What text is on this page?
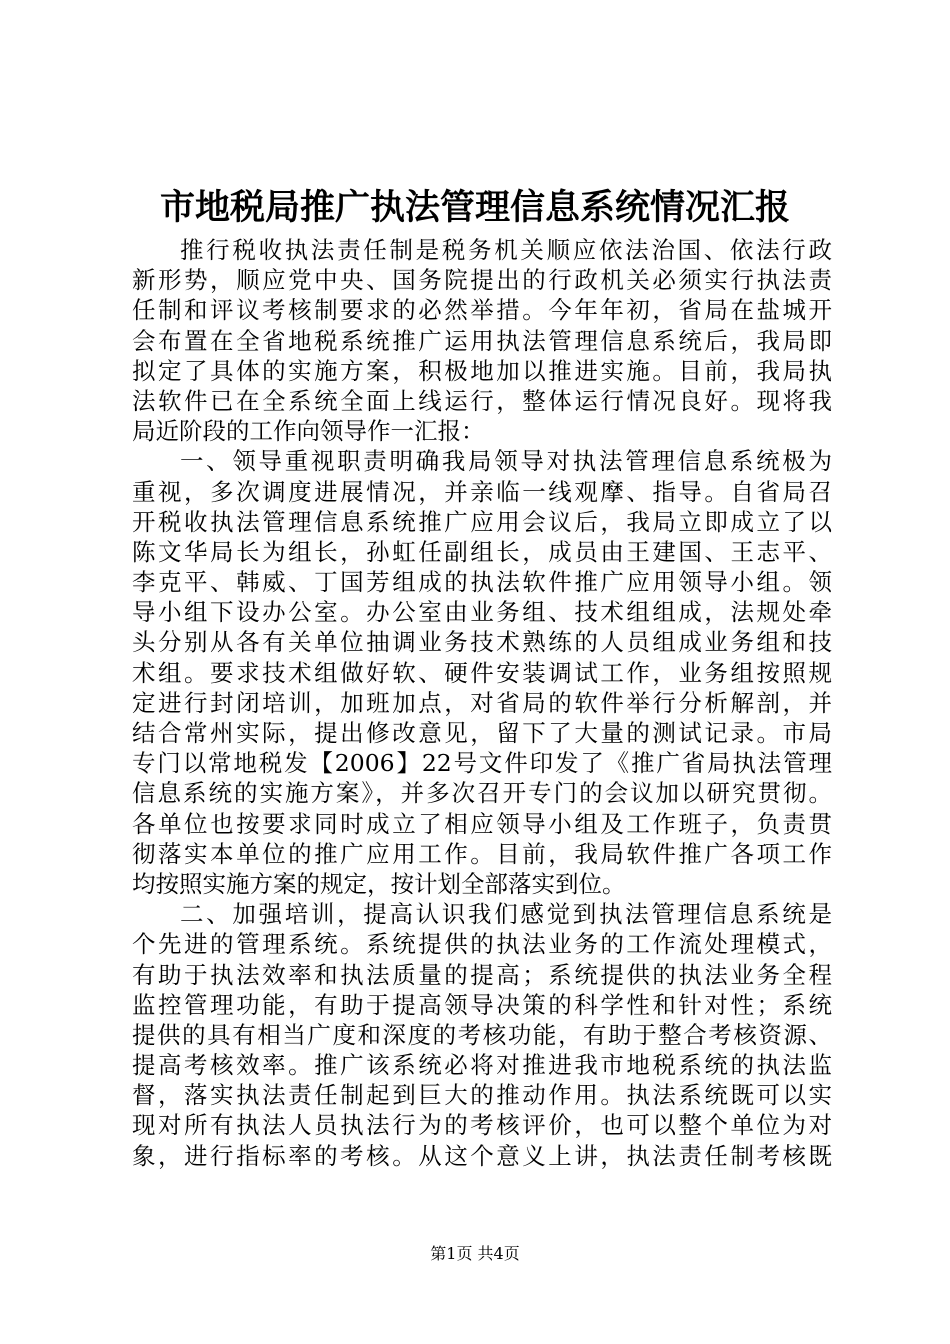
市地税局推广执法管理信息系统情况汇报
推行税收执法责任制是税务机关顺应依法治国、依法行政
新形势，顺应党中央、国务院提出的行政机关必须实行执法责
任制和评议考核制要求的必然举措。今年年初，省局在盐城开
会布置在全省地税系统推广运用执法管理信息系统后，我局即
拟定了具体的实施方案，积极地加以推进实施。目前，我局执
法软件已在全系统全面上线运行，整体运行情况良好。现将我
局近阶段的工作向领导作一汇报：
一、领导重视职责明确我局领导对执法管理信息系统极为
重视，多次调度进展情况，并亲临一线观摩、指导。自省局召
开税收执法管理信息系统推广应用会议后，我局立即成立了以
陈文华局长为组长，孙虹任副组长，成员由王建国、王志平、
李克平、韩威、丁国芳组成的执法软件推广应用领导小组。领
导小组下设办公室。办公室由业务组、技术组组成，法规处牵
头分别从各有关单位抽调业务技术熟练的人员组成业务组和技
术组。要求技术组做好软、硬件安装调试工作，业务组按照规
定进行封闭培训，加班加点，对省局的软件举行分析解剖，并
结合常州实际，提出修改意见，留下了大量的测试记录。市局
专门以常地税发【2006】22号文件印发了《推广省局执法管理
信息系统的实施方案》，并多次召开专门的会议加以研究贯彻。
各单位也按要求同时成立了相应领导小组及工作班子，负责贯
彻落实本单位的推广应用工作。目前，我局软件推广各项工作
均按照实施方案的规定，按计划全部落实到位。
二、加强培训，提高认识我们感觉到执法管理信息系统是
个先进的管理系统。系统提供的执法业务的工作流处理模式，
有助于执法效率和执法质量的提高；系统提供的执法业务全程
监控管理功能，有助于提高领导决策的科学性和针对性；系统
提供的具有相当广度和深度的考核功能，有助于整合考核资源、
提高考核效率。推广该系统必将对推进我市地税系统的执法监
督，落实执法责任制起到巨大的推动作用。执法系统既可以实
现对所有执法人员执法行为的考核评价，也可以整个单位为对
象，进行指标率的考核。从这个意义上讲，执法责任制考核既
第1页 共4页
